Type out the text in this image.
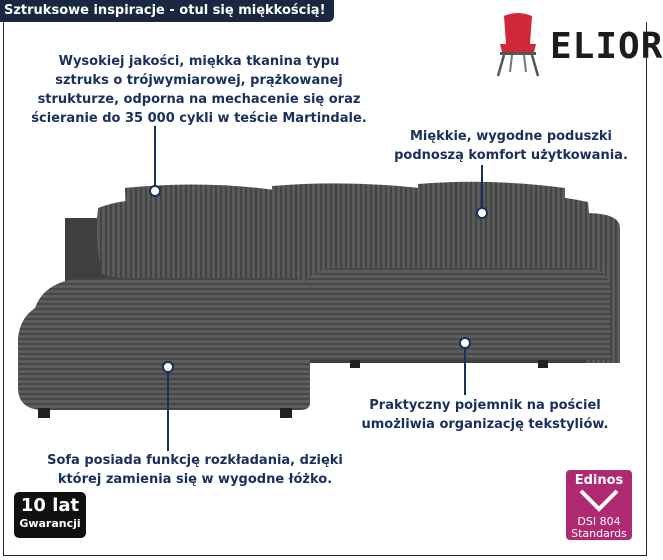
Sztruksowe inspiracje - otul się miękkością!
ELIOR
Wysokiej jakości, miękka tkanina typu
sztruks o trójwymiarowej, prążkowanej
strukturze, odporna na mechacenie się oraz
ścieranie do 35 000 cykli w teście Martindale.
Miękkie, wygodne poduszki
podnoszą komfort użytkowania.
Praktyczny pojemnik na pościel
umożliwia organizację tekstyliów.
Sofa posiada funkcję rozkładania, dzięki
której zamienia się w wygodne łóżko.
10 lat
Gwarancji
Edinos
DSI 804
Standards
